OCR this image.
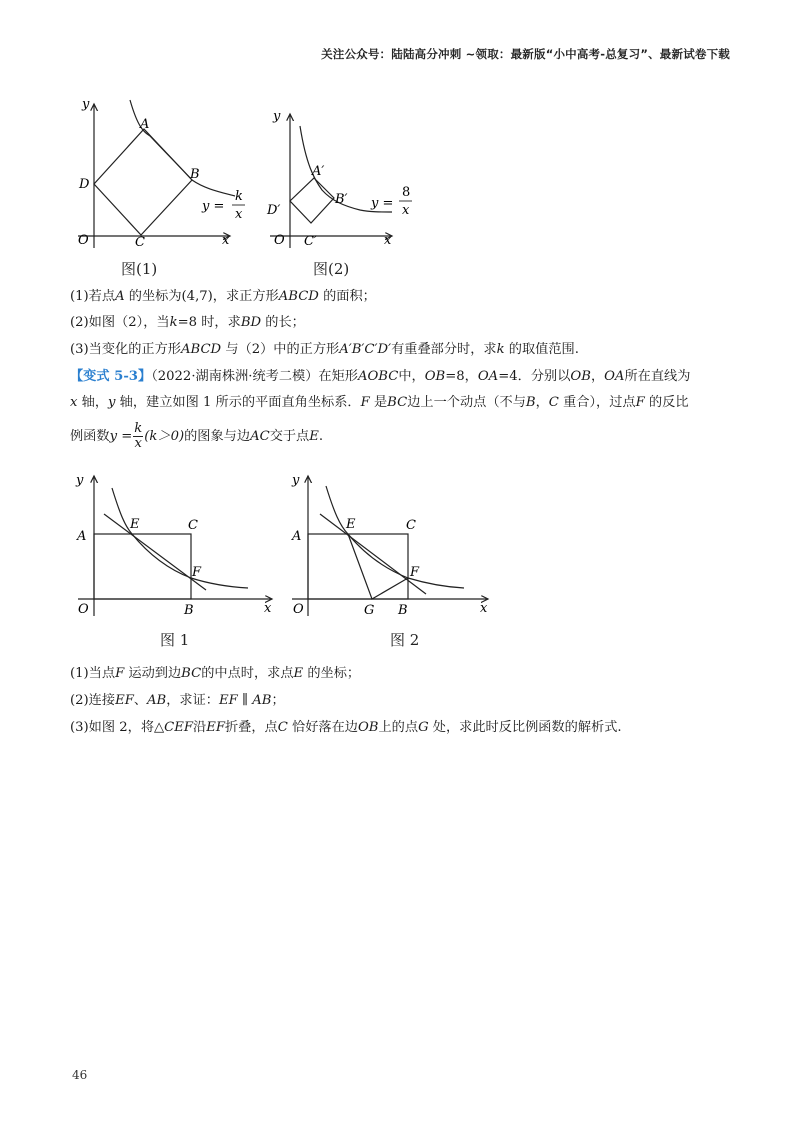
关注公众号：陆陆高分冲刺 ~领取：最新版“小中高考-总复习”、最新试卷下载
y
x
O
A
B
C
D
y =
k
x
图(1)
y
x
O
A′
B′
C′
D′	y =
8
x
图(2)
(1)若点A 的坐标为(4,7)，求正方形ABCD 的面积；
(2)如图（2），当k=8 时，求BD 的长；
(3)当变化的正方形ABCD 与（2）中的正方形A′B′C′D′有重叠部分时，求k 的取值范围.
【变式 5-3】（2022·湖南株洲·统考二模）在矩形AOBC中，OB=8，OA=4．分别以OB，OA所在直线为
x 轴，y 轴，建立如图 1 所示的平面直角坐标系．F 是BC边上一个动点（不与B，C 重合），过点F 的反比
例函数$y = \frac{k}{x} (k>0)$的图象与边AC交于点E.
y
x
O
A
B
C
E
F
图 1
y
x
O
A
B
C
E
F
G
图 2
(1)当点F 运动到边BC的中点时，求点E 的坐标；
(2)连接EF、AB，求证：EF ∥ AB；
(3)如图 2，将△CEF沿EF折叠，点C 恰好落在边OB上的点G 处，求此时反比例函数的解析式.
46
